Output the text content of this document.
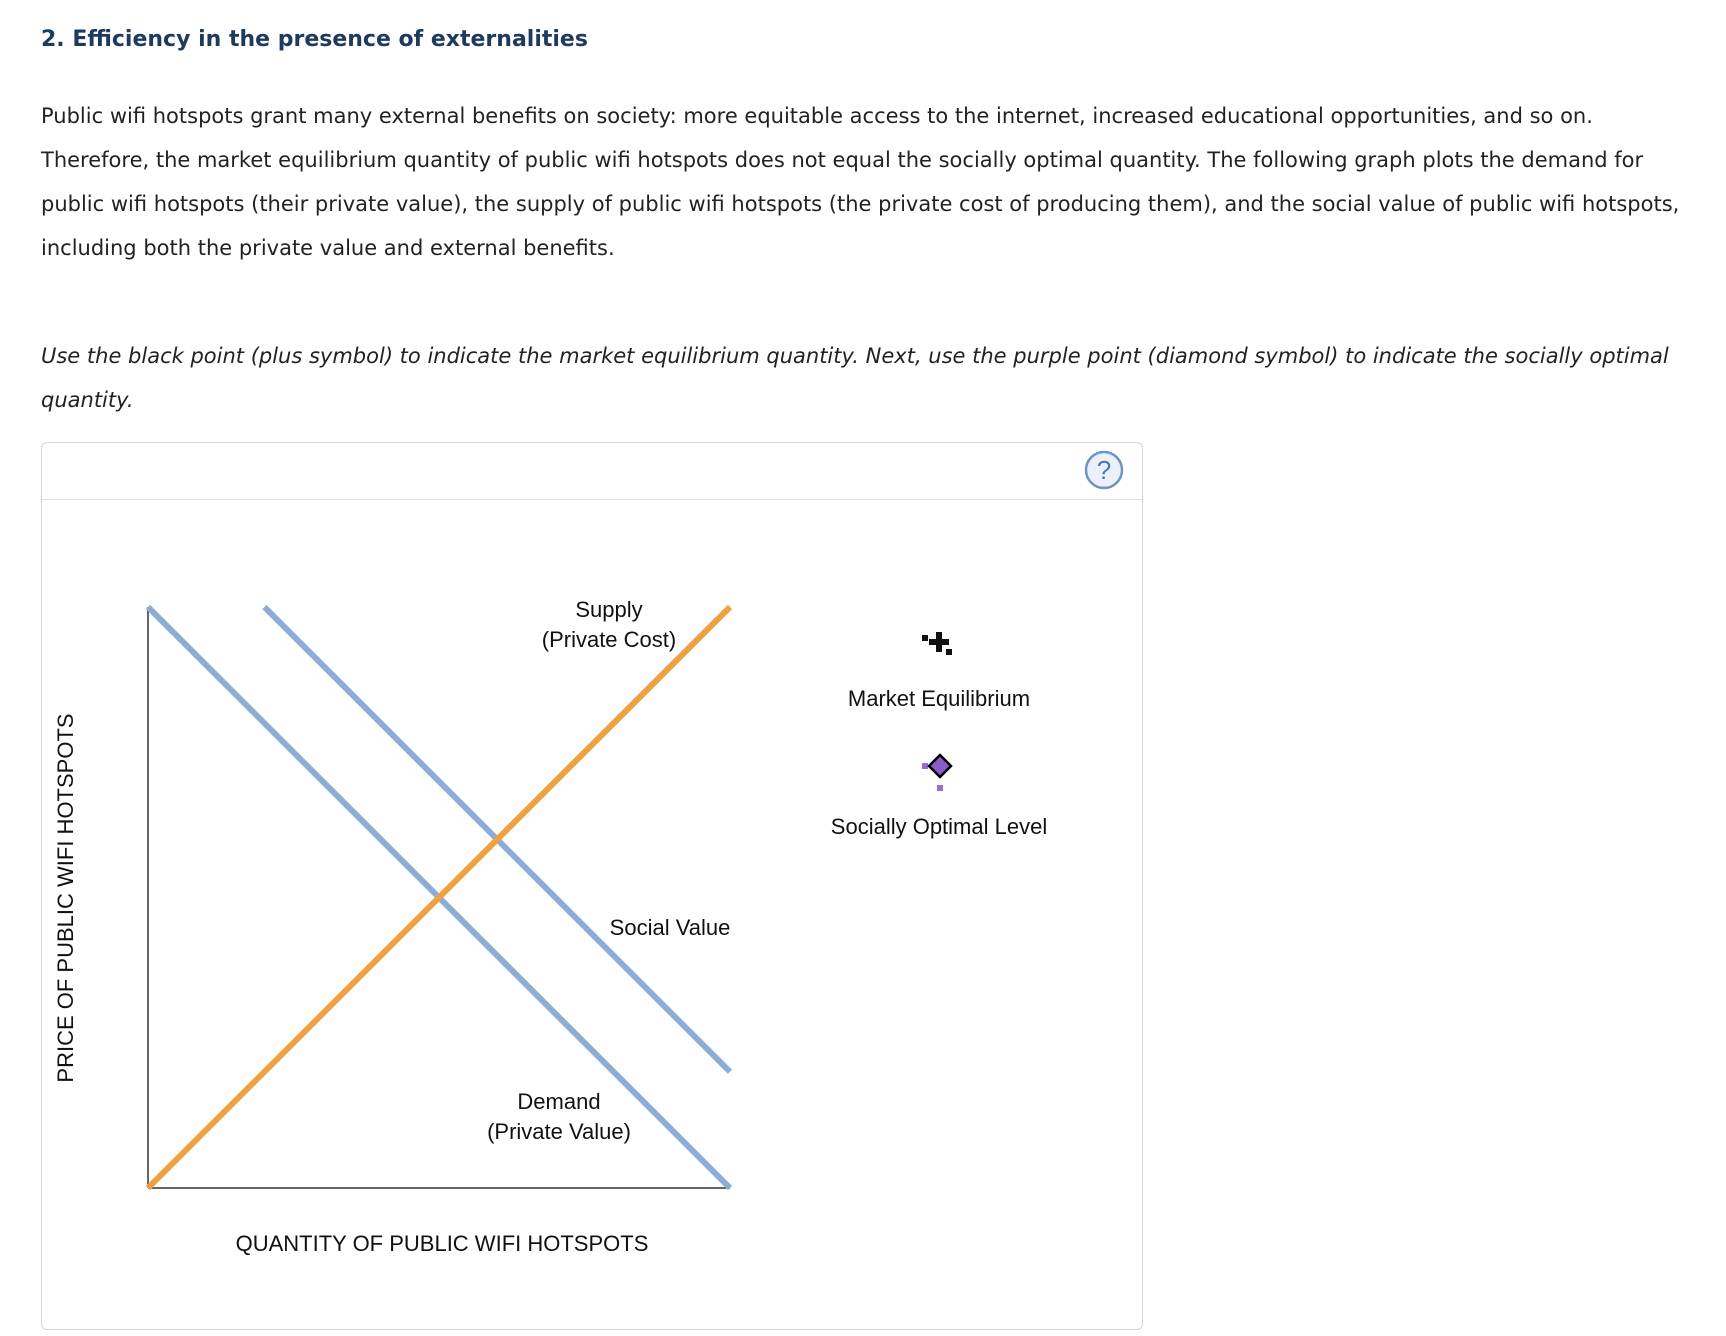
2. Efficiency in the presence of externalities

Public wifi hotspots grant many external benefits on society: more equitable access to the internet, increased educational opportunities, and so on. Therefore, the market equilibrium quantity of public wifi hotspots does not equal the socially optimal quantity. The following graph plots the demand for public wifi hotspots (their private value), the supply of public wifi hotspots (the private cost of producing them), and the social value of public wifi hotspots, including both the private value and external benefits.

Use the black point (plus symbol) to indicate the market equilibrium quantity. Next, use the purple point (diamond symbol) to indicate the socially optimal quantity.

?
Supply
(Private Cost)
Social Value
Demand
(Private Value)
QUANTITY OF PUBLIC WIFI HOTSPOTS
PRICE OF PUBLIC WIFI HOTSPOTS
Market Equilibrium
Socially Optimal Level
